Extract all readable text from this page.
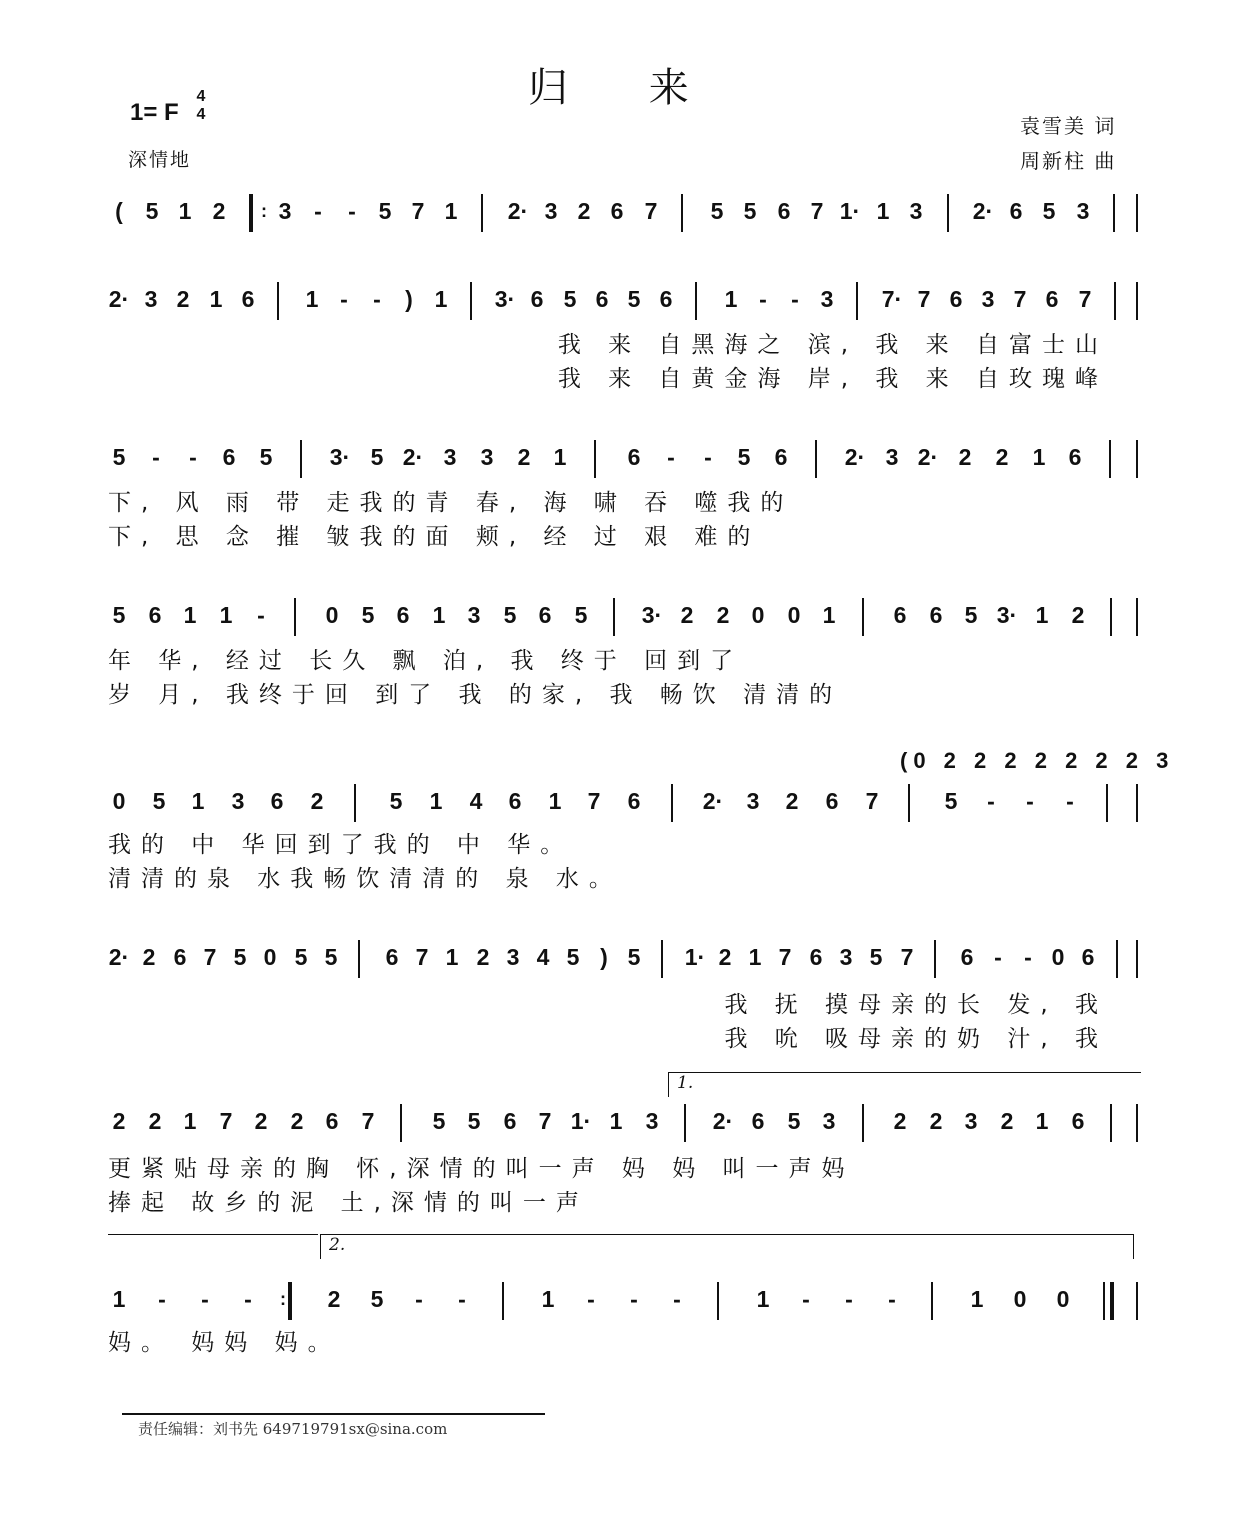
归 来
1= F
4
4
深情地
袁雪美 词
周新柱 曲
( 5 1 2	: 3 -	- 5 7 1 2· 3 2 6 7 5 5 6 7 1· 1 3 2· 6 5 3
2· 3 2 1 6 1 -	-	) 1 3· 6 5 6 5 6 1 -	- 3 7· 7 6 3 7 6 7
我 来 自黑海之 滨, 我 来 自富士山
我 来 自黄金海 岸, 我 来 自玫瑰峰
5	-	-	6 5 3· 5 2· 3 3 2 1	6	-	-	5 6 2· 3 2· 2 2 1 6
下, 风 雨 带 走我的青 春, 海 啸 吞 噬我的
下, 思 念 摧 皱我的面 颊, 经 过 艰 难的
5 6 1 1	-	0 5 6 1 3 5 6 5 3· 2 2 0 0 1	6 6 5 3· 1 2
年 华, 经过 长久 飘 泊, 我 终于 回到了
岁 月, 我终于回 到了 我 的家, 我 畅饮 清清的
0 5 1 3 6 2	5 1 4 6 1 7 6	2· 3 2 6 7	5	-	-	-
我的 中 华回到了我的 中 华。
清清的泉 水我畅饮清清的 泉 水。
2· 2 6 7 5 0 5 5 6 7 1 2 3 4 5 ) 5 1· 2 1 7 6 3 5 7 6 - - 0 6
我 抚 摸母亲的长 发, 我
我 吮 吸母亲的奶 汁, 我
2 2 1 7 2 2 6 7	5 5 6 7 1· 1 3 2· 6 5 3	2 2 3 2 1 6
更紧贴母亲的胸 怀,深情的叫一声 妈 妈 叫一声妈
捧起 故乡的泥 土,深情的叫一声
1	-	-	-	:	2 5	-	-	1	-	-	-	1	-	-	-	1 0 0
妈。 妈妈 妈。
(0 2 2 2 2 2 2 2 3
1.
2.
责任编辑：刘书先 649719791sx@sina.com
